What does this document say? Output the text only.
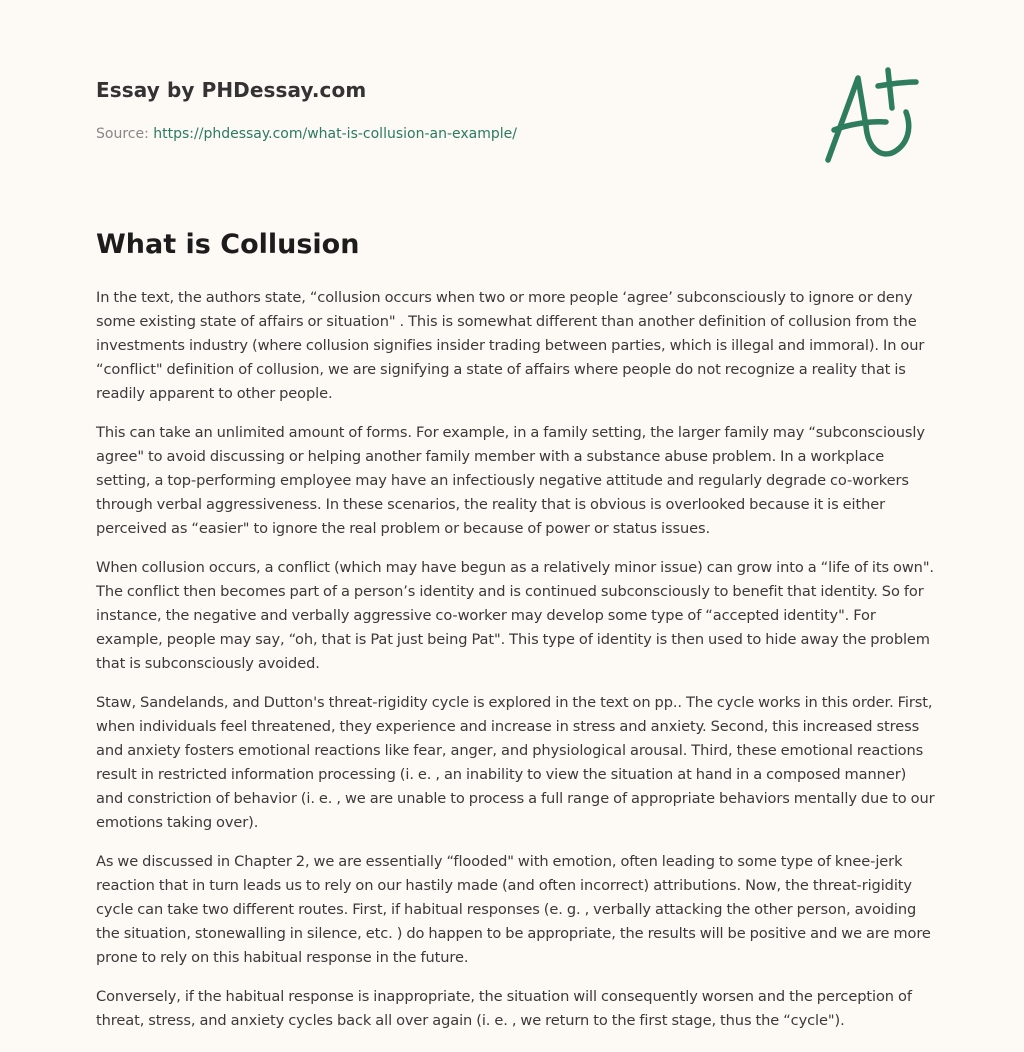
Essay by PHDessay.com
Source: https://phdessay.com/what-is-collusion-an-example/
What is Collusion

In the text, the authors state, “collusion occurs when two or more people ‘agree’ subconsciously to ignore or deny some existing state of affairs or situation" . This is somewhat different than another definition of collusion from the investments industry (where collusion signifies insider trading between parties, which is illegal and immoral). In our “conflict" definition of collusion, we are signifying a state of affairs where people do not recognize a reality that is readily apparent to other people.

This can take an unlimited amount of forms. For example, in a family setting, the larger family may “subconsciously agree" to avoid discussing or helping another family member with a substance abuse problem. In a workplace setting, a top-performing employee may have an infectiously negative attitude and regularly degrade co-workers through verbal aggressiveness. In these scenarios, the reality that is obvious is overlooked because it is either perceived as “easier" to ignore the real problem or because of power or status issues.

When collusion occurs, a conflict (which may have begun as a relatively minor issue) can grow into a “life of its own". The conflict then becomes part of a person’s identity and is continued subconsciously to benefit that identity. So for instance, the negative and verbally aggressive co-worker may develop some type of “accepted identity". For example, people may say, “oh, that is Pat just being Pat". This type of identity is then used to hide away the problem that is subconsciously avoided.

Staw, Sandelands, and Dutton's threat-rigidity cycle is explored in the text on pp.. The cycle works in this order. First, when individuals feel threatened, they experience and increase in stress and anxiety. Second, this increased stress and anxiety fosters emotional reactions like fear, anger, and physiological arousal. Third, these emotional reactions result in restricted information processing (i. e. , an inability to view the situation at hand in a composed manner) and constriction of behavior (i. e. , we are unable to process a full range of appropriate behaviors mentally due to our emotions taking over).

As we discussed in Chapter 2, we are essentially “flooded" with emotion, often leading to some type of knee-jerk reaction that in turn leads us to rely on our hastily made (and often incorrect) attributions. Now, the threat-rigidity cycle can take two different routes. First, if habitual responses (e. g. , verbally attacking the other person, avoiding the situation, stonewalling in silence, etc. ) do happen to be appropriate, the results will be positive and we are more prone to rely on this habitual response in the future.

Conversely, if the habitual response is inappropriate, the situation will consequently worsen and the perception of threat, stress, and anxiety cycles back all over again (i. e. , we return to the first stage, thus the “cycle").
